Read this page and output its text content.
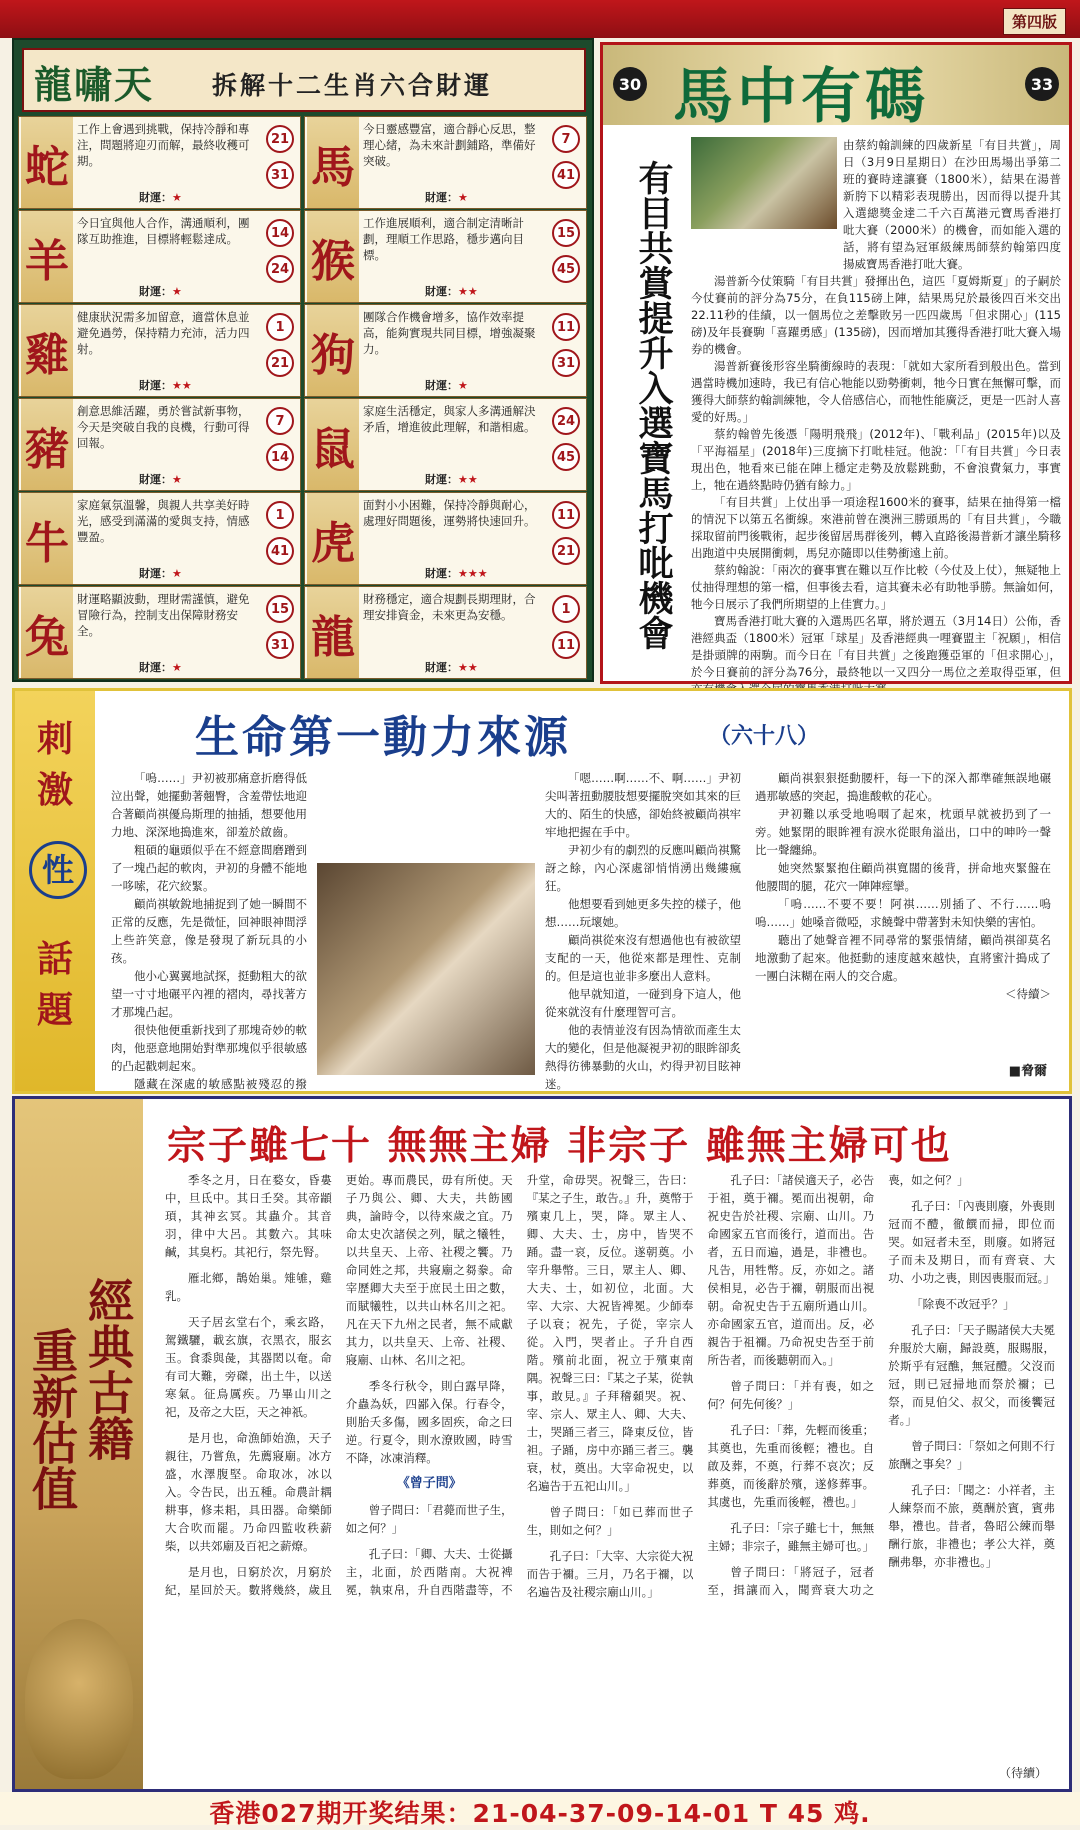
第四版
龍嘯天 拆解十二生肖六合財運
蛇
工作上會遇到挑戰，保持冷靜和專注，問題將迎刃而解，最終收穫可期。
財運：★
21
31 馬
今日靈感豐富，適合靜心反思，整理心緒，為未來計劃鋪路，準備好突破。
財運：★
7
41
羊
今日宜與他人合作，溝通順利，團隊互助推進，目標將輕鬆達成。
財運：★
14
24 猴
工作進展順利，適合制定清晰計劃，理順工作思路，穩步邁向目標。
財運：★★
15
45
雞
健康狀況需多加留意，適當休息並避免過勞，保持精力充沛，活力四射。
財運：★★
1
21 狗
團隊合作機會增多，協作效率提高，能夠實現共同目標，增強凝聚力。
財運：★
11
31
豬
創意思維活躍，勇於嘗試新事物，今天是突破自我的良機，行動可得回報。
財運：★
7
14 鼠
家庭生活穩定，與家人多溝通解決矛盾，增進彼此理解，和諧相處。
財運：★★
24
45
牛
家庭氣氛溫馨，與親人共享美好時光，感受到滿滿的愛與支持，情感豐盈。
財運：★
1
41 虎
面對小小困難，保持冷靜與耐心，處理好問題後，運勢將快速回升。
財運：★★★
11
21
兔
財運略顯波動，理財需謹慎，避免冒險行為，控制支出保障財務安全。
財運：★
15
31 龍
財務穩定，適合規劃長期理財，合理安排資金，未來更為安穩。
財運：★★
1
11
30 馬中有碼	33
有目共賞提升入選寶馬打吡機會

由蔡約翰訓練的四歲新星「有目共賞」，周日（3月9日星期日）在沙田馬場出爭第二班的賽時達讓賽（1800米），結果在湯普新胯下以精彩表現勝出，因而得以提升其入選總獎金達二千六百萬港元寶馬香港打吡大賽（2000米）的機會，而如能入選的話，將有望為冠軍級練馬師蔡約翰第四度揚威寶馬香港打吡大賽。

湯普新今仗策騎「有目共賞」發揮出色，這匹「夏姆斯夏」的子嗣於今仗賽前的評分為75分，在負115磅上陣，結果馬兒於最後四百米交出22.11秒的佳績，以一個馬位之差擊敗另一匹四歲馬「但求開心」(115磅)及年長賽駒「喜躍勇感」(135磅)，因而增加其獲得香港打吡大賽入場券的機會。

湯普新賽後形容坐騎衝線時的表現：「就如大家所看到般出色。當到遇當時機加速時，我已有信心牠能以勁勢衝刺，牠今日實在無懈可擊，而獲得大師蔡約翰訓練牠，令人倍感信心，而牠性能廣泛，更是一匹討人喜愛的好馬。」

蔡約翰曾先後憑「陽明飛飛」(2012年)、「戰利品」(2015年)以及「平海福星」(2018年)三度摘下打吡桂冠。他說：「「有目共賞」今日表現出色，牠看來已能在陣上穩定走勢及放鬆跳動，不會浪費氣力，事實上，牠在過終點時仍猶有餘力。」

「有目共賞」上仗出爭一項途程1600米的賽事，結果在抽得第一檔的情況下以第五名衝線。來港前曾在澳洲三勝頭馬的「有目共賞」，今職採取留前門後戰術，起步後留居馬群後列，轉入直路後湯普新才讓坐騎移出跑道中央展開衝刺，馬兒亦隨即以佳勢衝遠上前。

蔡約翰說：「兩次的賽事實在難以互作比較（今仗及上仗），無疑牠上仗抽得理想的第一檔，但事後去看，這其賽未必有助牠爭勝。無論如何，牠今日展示了我們所期望的上佳實力。」

寶馬香港打吡大賽的入選馬匹名單，將於週五（3月14日）公佈，香港經典盃（1800米）冠軍「球星」及香港經典一哩賽盟主「祝願」，相信是掛頭牌的兩駒。而今日在「有目共賞」之後跑獲亞軍的「但求開心」，於今日賽前的評分為76分，最終牠以一又四分一馬位之差取得亞軍，但

刺激
性
話題
生命第一動力來源	（六十八）

「嗚……」尹初被那痛意折磨得低泣出聲，她擺動著翹臀，含羞帶怯地迎合著顧尚祺優烏斯理的抽插，想要他用力地、深深地搗進來，卻羞於啟齒。

粗碩的龜頭似乎在不經意間磨蹭到了一塊凸起的軟肉，尹初的身體不能地一哆嗦，花穴絞緊。

顧尚祺敏銳地捕捉到了她一瞬間不正常的反應，先是微怔，回神眼神間浮上些許笑意，像是發現了新玩具的小孩。

他小心翼翼地試探，挺動粗大的欲望一寸寸地碾平內裡的褶肉，尋找著方才那塊凸起。

很快他便重新找到了那塊奇妙的軟肉，他惡意地開始對準那塊似乎很敏感的凸起戳刺起來。

隱藏在深處的敏感點被殘忍的撥

「嗯……啊……不、啊……」尹初尖叫著扭動腰肢想要擺脫突如其來的巨大的、陌生的快感，卻始終被顧尚祺牢牢地把握在手中。

尹初少有的劇烈的反應叫顧尚祺驚訝之餘，內心深處卻悄悄湧出幾縷瘋狂。

他想要看到她更多失控的樣子，他想……玩壞她。

顧尚祺從來沒有想過他也有被欲望支配的一天，他從來都是理性、克制的。但是這也並非多麼出人意料。

他早就知道，一碰到身下這人，他從來就沒有什麼理智可言。

他的表情並沒有因為情欲而產生太大的變化，但是他凝視尹初的眼眸卻炙熱得彷彿暴動的火山，灼得尹初目眩神迷。

顧尚祺狠狠挺動腰杆，每一下的深入都準確無誤地碾過那敏感的突起，搗進酸軟的花心。

尹初難以承受地嗚咽了起來，枕頭早就被扔到了一旁。她緊閉的眼眸裡有淚水從眼角溢出，口中的呻吟一聲比一聲纏綿。

她突然緊緊抱住顧尚祺寬闊的後背，拼命地夾緊盤在他腰間的腿，花穴一陣陣痙攣。

「嗚……不要不要！阿祺……別插了、不行……嗚嗚……」她嗓音微啞，求饒聲中帶著對未知快樂的害怕。

聽出了她聲音裡不同尋常的緊張情緒，顧尚祺卻莫名地激動了起來。他挺動的速度越來越快，直將蜜汁搗成了一團白沫糊在兩人的交合處。

＜待續＞

■脅爾
經典古籍
重新估值
宗子雖七十 無無主婦 非宗子 雖無主婦可也

季冬之月，日在婺女，昏婁中，旦氐中。其日壬癸。其帝顓頊，其神玄冥。其蟲介。其音羽，律中大呂。其數六。其味鹹，其臭朽。其祀行，祭先腎。

雁北鄉，鵲始巢。雉雊，雞乳。

天子居玄堂右个，乘玄路，駕鐵驪，載玄旗，衣黑衣，服玄玉。食黍與彘，其器閎以奄。命有司大難，旁磔，出土牛，以送寒氣。征鳥厲疾。乃畢山川之祀，及帝之大臣，天之神祇。

是月也，命漁師始漁，天子親往，乃嘗魚，先薦寢廟。冰方盛，水澤腹堅。命取冰，冰以入。令告民，出五種。命農計耦耕事，修耒耜，具田器。命樂師大合吹而罷。乃命四監收秩薪柴，以共郊廟及百祀之薪燎。

是月也，日窮於次，月窮於紀，星回於天。數將幾終，歲且更始。專而農民，毋有所使。天子乃與公、卿、大夫，共飭國典，論時令，以待來歲之宜。乃命太史次諸侯之列，賦之犧牲，以共皇天、上帝、社稷之饗。乃命同姓之邦，共寢廟之芻豢。命宰歷卿大夫至于庶民土田之數，而賦犧牲，以共山林名川之祀。凡在天下九州之民者，無不咸獻其力，以共皇天、上帝、社稷、寢廟、山林、名川之祀。

季冬行秋令，則白露早降，介蟲為妖，四鄙入保。行春令，則胎夭多傷，國多固疾，命之曰逆。行夏令，則水潦敗國，時雪不降，冰凍消釋。

《曾子問》

曾子問曰：「君薨而世子生，如之何？」

孔子曰：「卿、大夫、士從攝主，北面，於西階南。大祝裨冕，執束帛，升自西階盡等，不升堂，命毋哭。祝聲三，告曰：『某之子生，敢告。』升，奠幣于殯東几上，哭，降。眾主人、卿、大夫、士，房中，皆哭不踊。盡一哀，反位。遂朝奠。小宰升舉幣。三日，眾主人、卿、大夫、士，如初位，北面。大宰、大宗、大祝皆裨冕。少師奉子以衰；祝先，子從，宰宗人從。入門，哭者止。子升自西階。殯前北面，祝立于殯東南隅。祝聲三曰：『某之子某，從執事，敢見。』子拜稽顙哭。祝、宰、宗人、眾主人、卿、大夫、士，哭踊三者三，降東反位，皆袒。子踊，房中亦踊三者三。襲衰，杖，奠出。大宰命祝史，以名遍告于五祀山川。」

曾子問曰：「如已葬而世子生，則如之何？」

孔子曰：「大宰、大宗從大祝而告于禰。三月，乃名于禰，以名遍告及社稷宗廟山川。」

孔子曰：「諸侯適天子，必告于祖，奠于禰。冕而出視朝，命祝史告於社稷、宗廟、山川。乃命國家五官而後行，道而出。告者，五日而遍，過是，非禮也。凡告，用牲幣。反，亦如之。諸侯相見，必告于禰，朝服而出視朝。命祝史告于五廟所過山川。亦命國家五官，道而出。反，必親告于祖禰。乃命祝史告至于前所告者，而後聽朝而入。」

曾子問曰：「并有喪，如之何？何先何後？」

孔子曰：「葬，先輕而後重；其奠也，先重而後輕；禮也。自啟及葬，不奠，行葬不哀次；反葬奠，而後辭於殯，遂修葬事。其虞也，先重而後輕，禮也。」

孔子曰：「宗子雖七十，無無主婦；非宗子，雖無主婦可也。」

曾子問曰：「將冠子，冠者至，揖讓而入，聞齊衰大功之喪，如之何？」

孔子曰：「內喪則廢，外喪則冠而不醴，徹饌而掃，即位而哭。如冠者未至，則廢。如將冠子而未及期日，而有齊衰、大功、小功之喪，則因喪服而冠。」

「除喪不改冠乎？」

孔子曰：「天子賜諸侯大夫冕弁服於大廟，歸設奠，服賜服，於斯乎有冠醮，無冠醴。父沒而冠，則已冠掃地而祭於禰；已祭，而見伯父、叔父，而後饗冠者。」

曾子問曰：「祭如之何則不行旅酬之事矣？」

孔子曰：「聞之：小祥者，主人練祭而不旅，奠酬於賓，賓弗舉，禮也。昔者，魯昭公練而舉酬行旅，非禮也；孝公大祥，奠酬弗舉，亦非禮也。」

（待續）
香港027期开奖结果：21-04-37-09-14-01 T 45 鸡.
